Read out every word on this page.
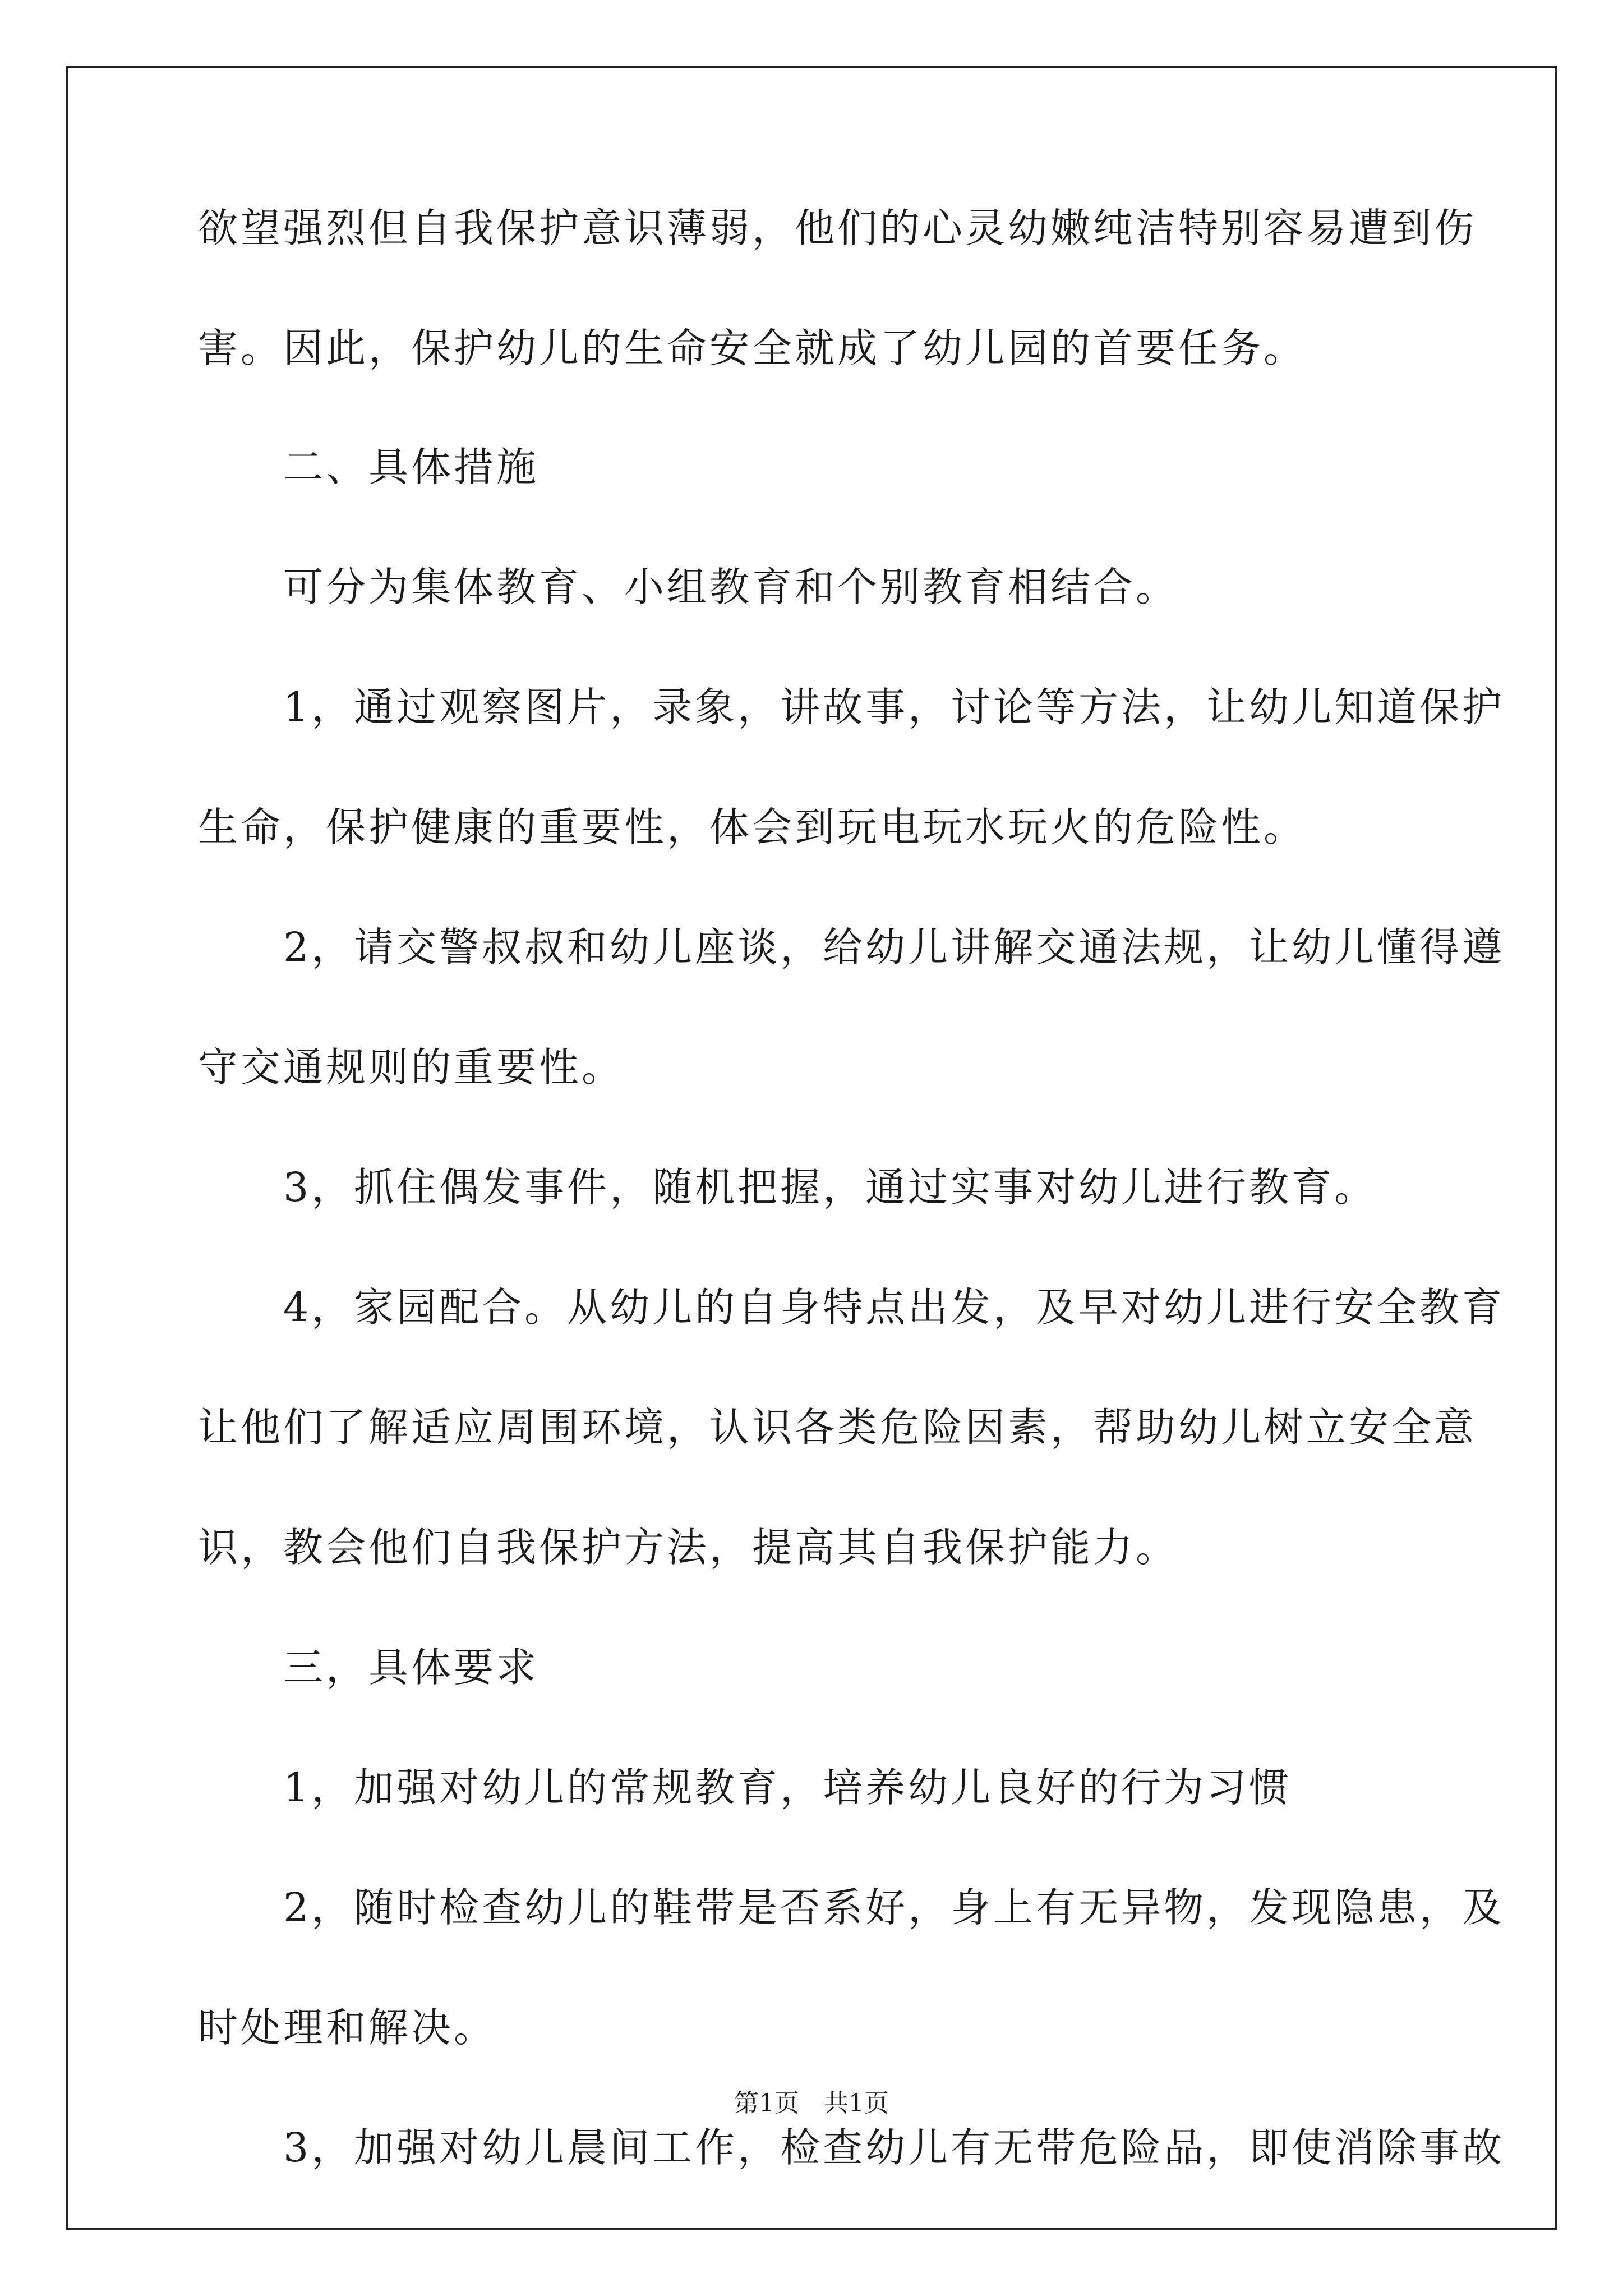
欲望强烈但自我保护意识薄弱，他们的心灵幼嫩纯洁特别容易遭到伤
害。因此，保护幼儿的生命安全就成了幼儿园的首要任务。
　　二、具体措施
　　可分为集体教育、小组教育和个别教育相结合。
　　1，通过观察图片，录象，讲故事，讨论等方法，让幼儿知道保护
生命，保护健康的重要性，体会到玩电玩水玩火的危险性。
　　2，请交警叔叔和幼儿座谈，给幼儿讲解交通法规，让幼儿懂得遵
守交通规则的重要性。
　　3，抓住偶发事件，随机把握，通过实事对幼儿进行教育。
　　4，家园配合。从幼儿的自身特点出发，及早对幼儿进行安全教育
让他们了解适应周围环境，认识各类危险因素，帮助幼儿树立安全意
识，教会他们自我保护方法，提高其自我保护能力。
　　三，具体要求
　　1，加强对幼儿的常规教育，培养幼儿良好的行为习惯
　　2，随时检查幼儿的鞋带是否系好，身上有无异物，发现隐患，及
时处理和解决。
　　3，加强对幼儿晨间工作，检查幼儿有无带危险品，即使消除事故
第1页　共1页
